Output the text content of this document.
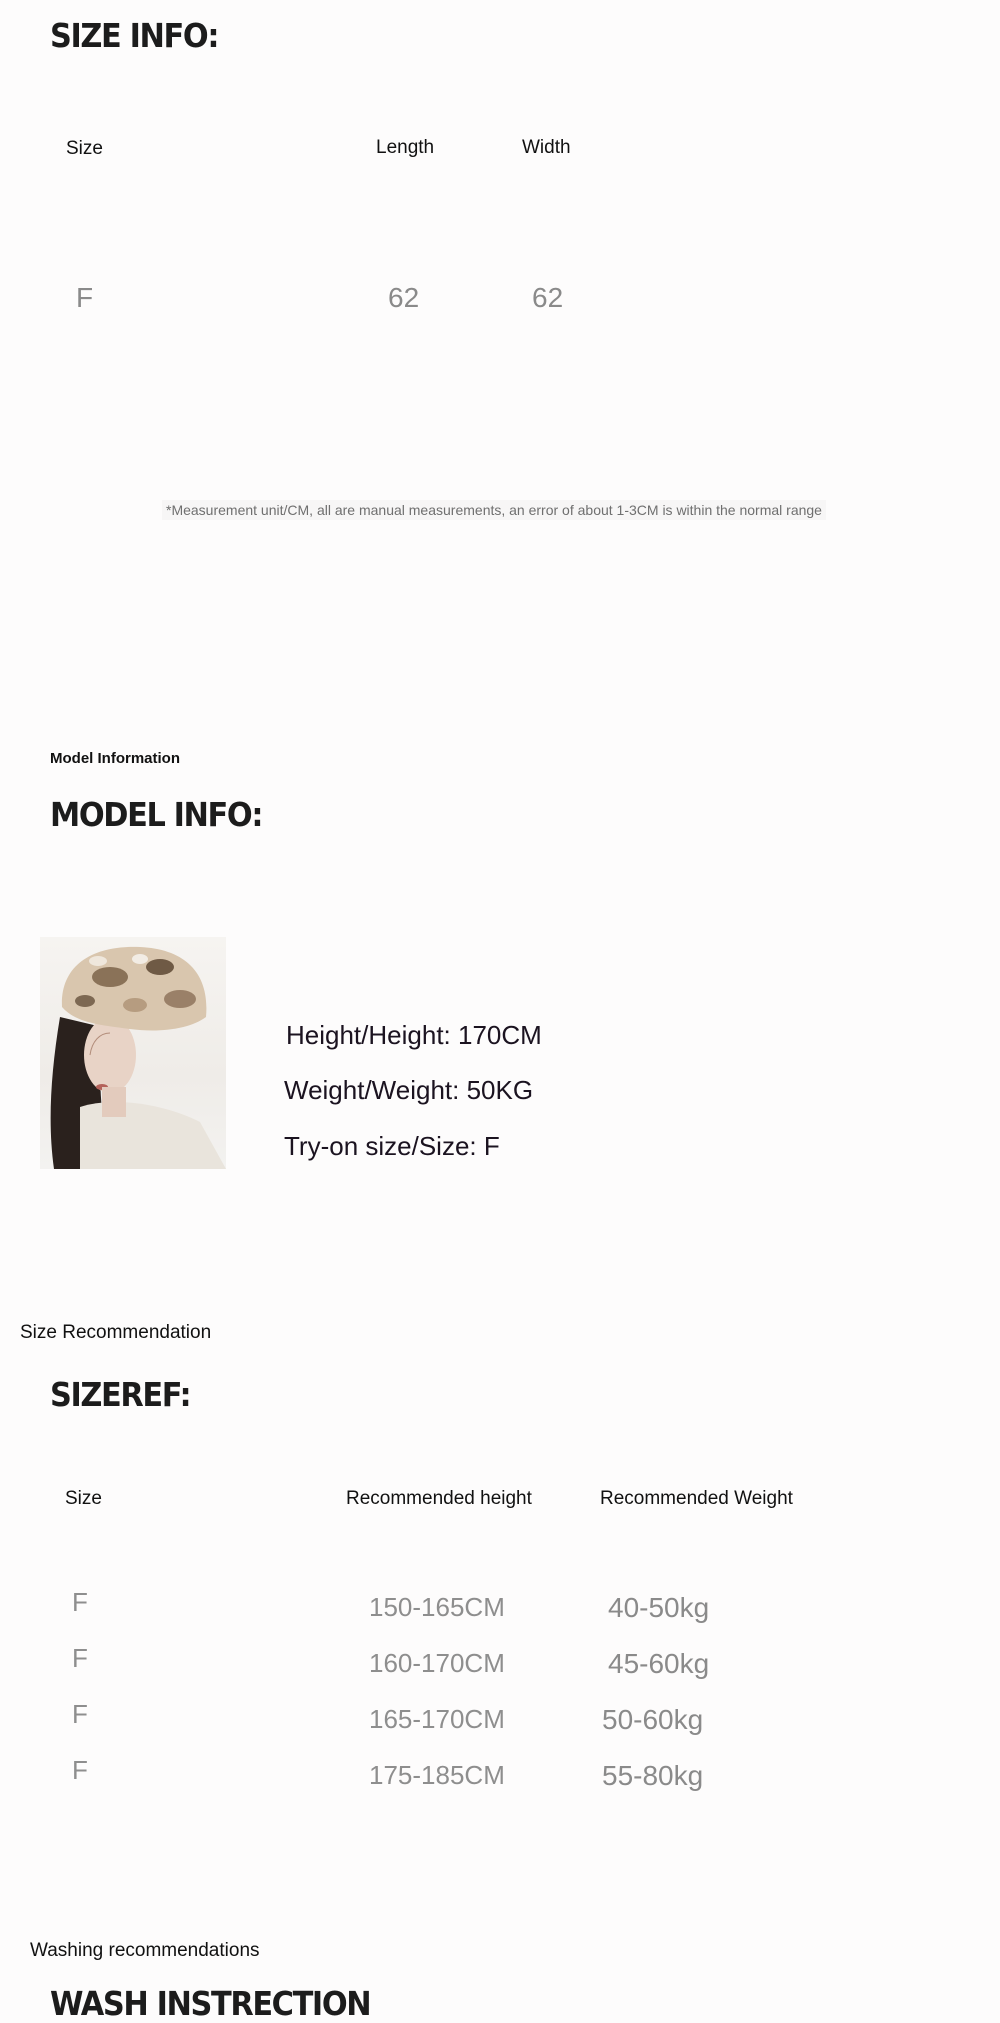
SIZE INFO:
Size	Length	Width
F	62	62
*Measurement unit/CM, all are manual measurements, an error of about 1-3CM is within the normal range
Model Information
MODEL INFO:
Height/Height: 170CM
Weight/Weight: 50KG
Try-on size/Size: F
Size Recommendation
SIZEREF:
Size	Recommended height	Recommended Weight
F	150-165CM	40-50kg
F	160-170CM	45-60kg
F	165-170CM	50-60kg
F	175-185CM	55-80kg
Washing recommendations
WASH INSTRECTION
